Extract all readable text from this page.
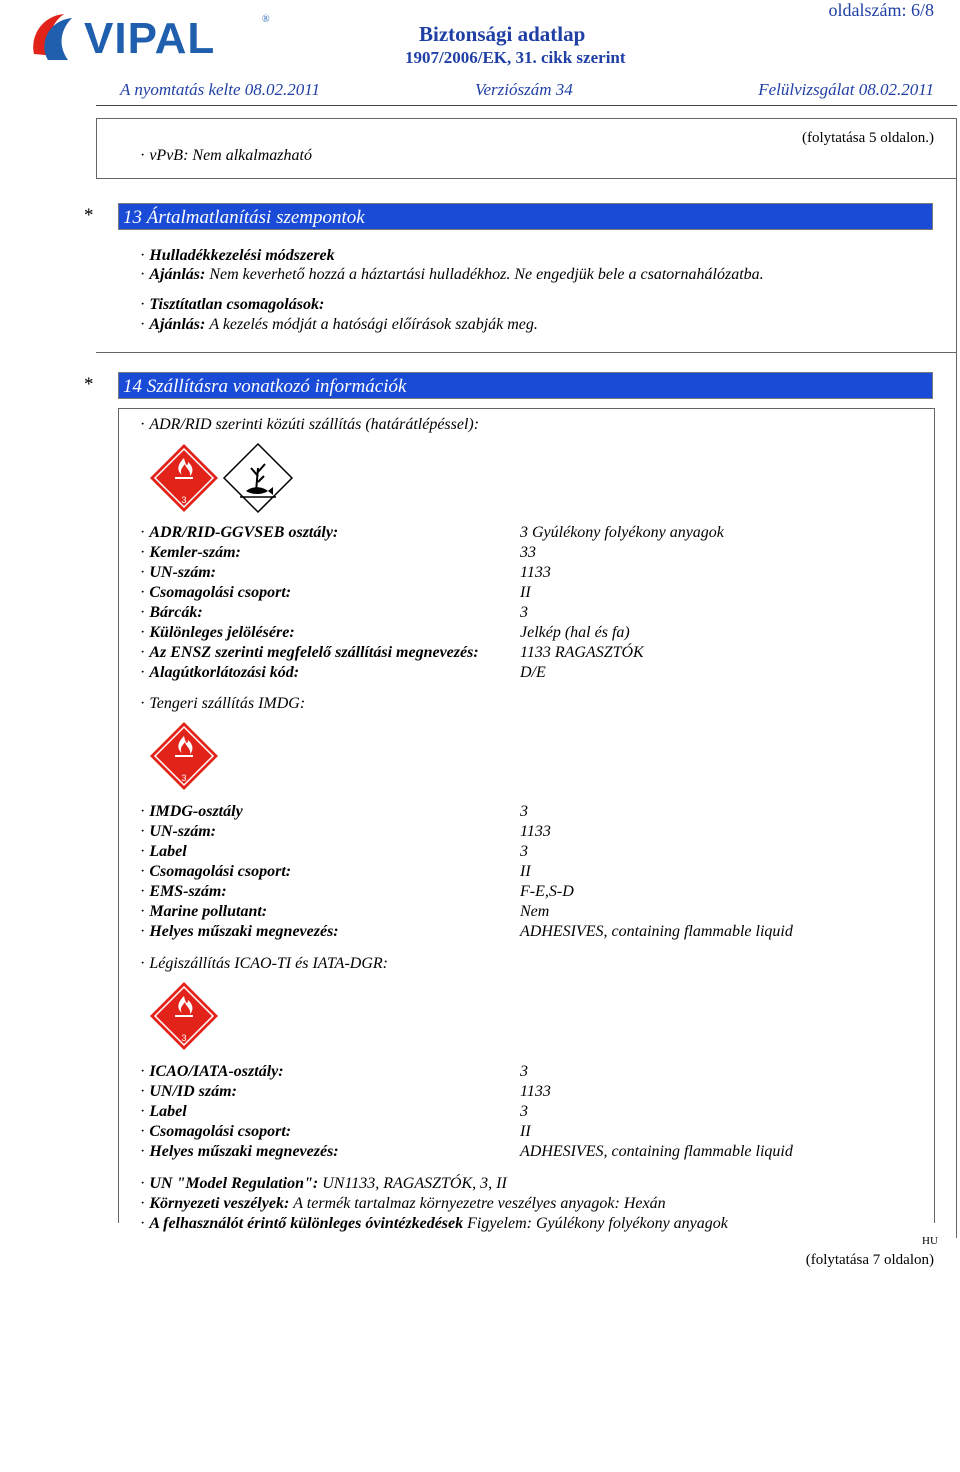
VIPAL	®
Biztonsági adatlap
1907/2006/EK, 31. cikk szerint
oldalszám: 6/8
A nyomtatás kelte 08.02.2011	Verziószám 34	Felülvizsgálat 08.02.2011
(folytatása 5 oldalon.)
· vPvB: Nem alkalmazható
* 13 Ártalmatlanítási szempontok
· Hulladékkezelési módszerek
· Ajánlás: Nem keverhető hozzá a háztartási hulladékhoz. Ne engedjük bele a csatornahálózatba.
· Tisztítatlan csomagolások:
· Ajánlás: A kezelés módját a hatósági előírások szabják meg.
* 14 Szállításra vonatkozó információk
· ADR/RID szerinti közúti szállítás (határátlépéssel):
3
· ADR/RID-GGVSEB osztály:	3 Gyúlékony folyékony anyagok
· Kemler-szám:	33
· UN-szám:	1133
· Csomagolási csoport:	II
· Bárcák:	3
· Különleges jelölésére:	Jelkép (hal és fa)
· Az ENSZ szerinti megfelelő szállítási megnevezés:	1133 RAGASZTÓK
· Alagútkorlátozási kód:	D/E
· Tengeri szállítás IMDG:
3
· IMDG-osztály	3
· UN-szám:	1133
· Label	3
· Csomagolási csoport:	II
· EMS-szám:	F-E,S-D
· Marine pollutant:	Nem
· Helyes műszaki megnevezés:	ADHESIVES, containing flammable liquid
· Légiszállítás ICAO-TI és IATA-DGR:
3
· ICAO/IATA-osztály:	3
· UN/ID szám:	1133
· Label	3
· Csomagolási csoport:	II
· Helyes műszaki megnevezés:	ADHESIVES, containing flammable liquid
· UN "Model Regulation": UN1133, RAGASZTÓK, 3, II
· Környezeti veszélyek: A termék tartalmaz környezetre veszélyes anyagok: Hexán
· A felhasználót érintő különleges óvintézkedések Figyelem: Gyúlékony folyékony anyagok
HU
(folytatása 7 oldalon)
